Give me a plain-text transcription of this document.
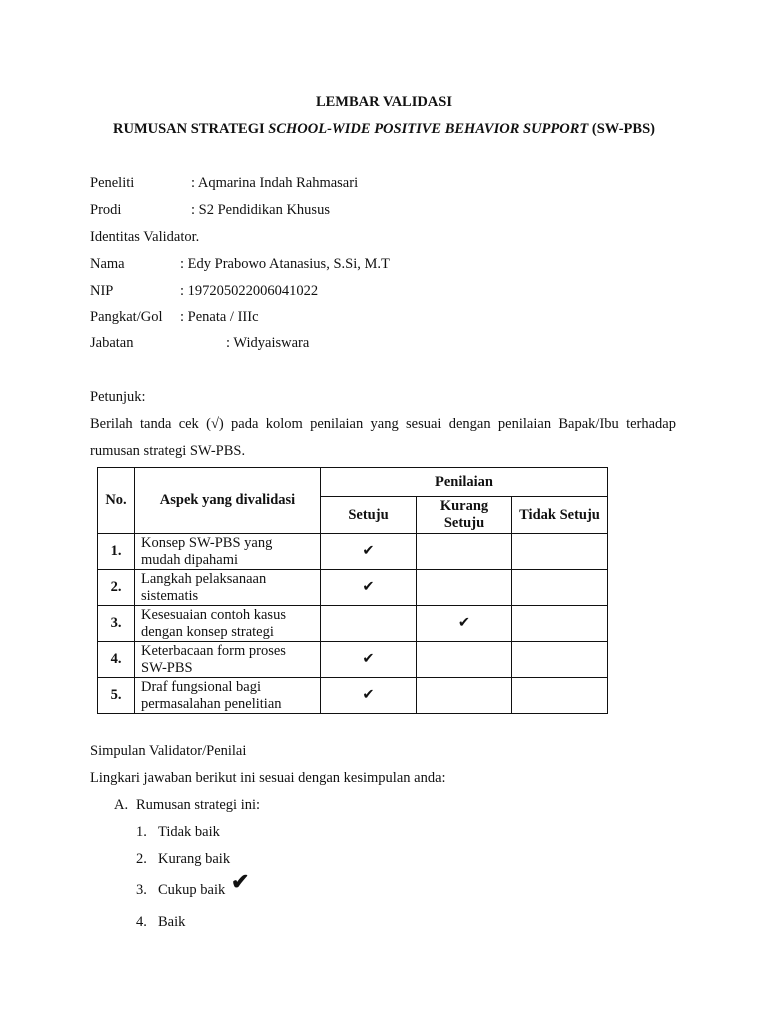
LEMBAR VALIDASI
RUMUSAN STRATEGI SCHOOL-WIDE POSITIVE BEHAVIOR SUPPORT (SW-PBS)
Peneliti	: Aqmarina Indah Rahmasari
Prodi	: S2 Pendidikan Khusus
Identitas Validator.
Nama	: Edy Prabowo Atanasius, S.Si, M.T
NIP	: 197205022006041022
Pangkat/Gol : Penata / IIIc
Jabatan	: Widyaiswara
Petunjuk:
Berilah tanda cek (√) pada kolom penilaian yang sesuai dengan penilaian Bapak/Ibu terhadap
rumusan strategi SW-PBS.
No.	Aspek yang divalidasi	Penilaian		
		Setuju	Kurang Setuju	Tidak Setuju
1.	Konsep SW-PBS yang mudah dipahami	✔		
2.	Langkah pelaksanaan sistematis	✔		
3.	Kesesuaian contoh kasus dengan konsep strategi		✔	
4.	Keterbacaan form proses SW-PBS	✔		
5.	Draf fungsional bagi permasalahan penelitian	✔		
Simpulan Validator/Penilai
Lingkari jawaban berikut ini sesuai dengan kesimpulan anda:
A. Rumusan strategi ini:
1. Tidak baik
2. Kurang baik
3. Cukup baik ✔
4. Baik
